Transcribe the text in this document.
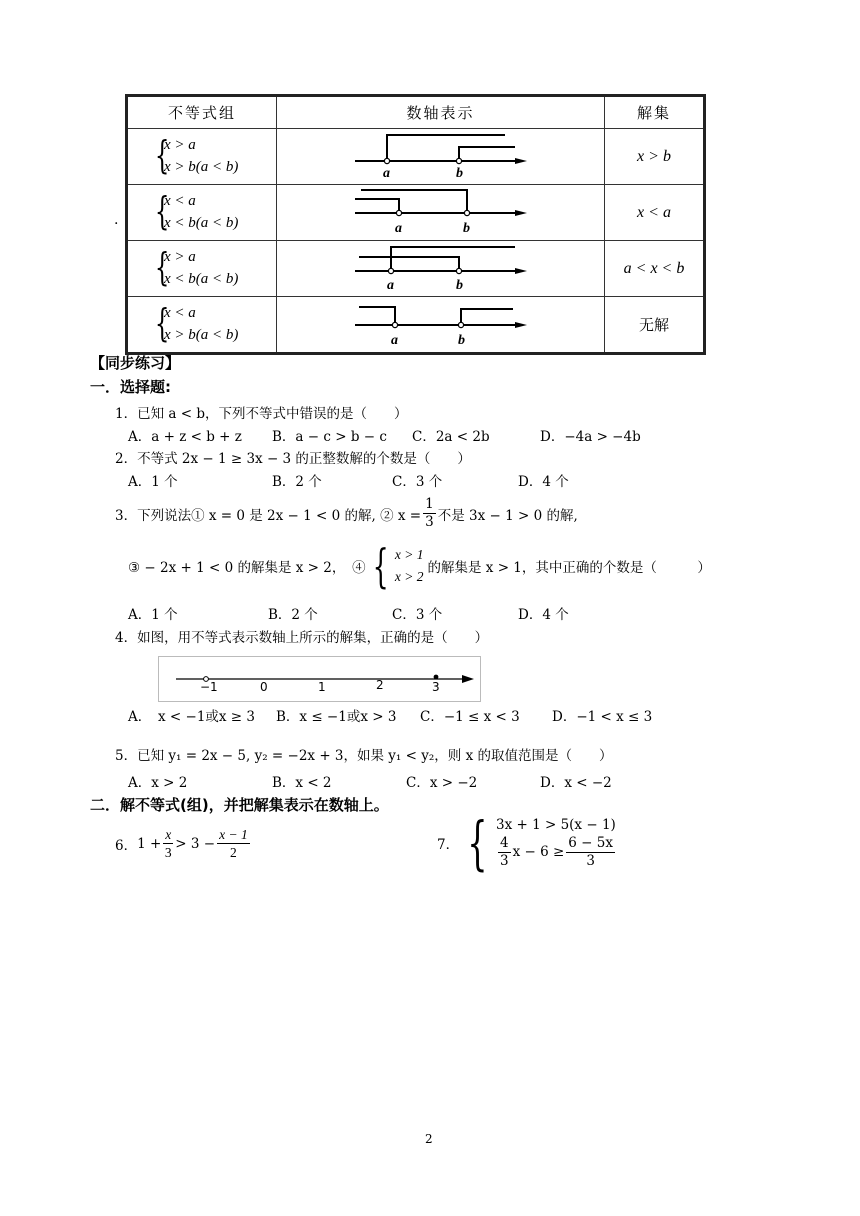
.
不等式组	数轴表示	解集

{
x > a
x > b(a < b)	a b	x > b

{
x < a
x < b(a < b)	a b	x < a

{
x > a
x < b(a < b)	a b	a < x < b

{
x < a
x > b(a < b)	a b	无解
【同步练习】
一．选择题:
1．已知 a < b，下列不等式中错误的是（　　）
A．a + z < b + z B．a − c > b − c C．2a < 2b	D．−4a > −4b
2．不等式 2x − 1 ≥ 3x − 3 的正整数解的个数是（　　）
A．1 个	B．2 个	C．3 个	D．4 个
3．下列说法① x = 0 是 2x − 1 < 0 的解, ② $x = \frac{1}{3}$ 不是 3x − 1 > 0 的解,
③ − 2x + 1 < 0 的解集是 x > 2，　④ { x > 1
x > 2
的解集是 x > 1，其中正确的个数是（　　　）
A．1 个	B．2 个	C．3 个	D．4 个
4．如图，用不等式表示数轴上所示的解集，正确的是（　　）
−1	0	1	2	3
A．　x < −1或x ≥ 3 B．x ≤ −1或x > 3 C．−1 ≤ x < 3 D．−1 < x ≤ 3
5．已知 y₁ = 2x − 5, y₂ = −2x + 3，如果 y₁ < y₂，则 x 的取值范围是（　　）
A．x > 2	B．x < 2	C．x > −2	D．x < −2
二．解不等式(组)，并把解集表示在数轴上。
6． $1 + \frac{x}{3} > 3 - \frac{x - 1}{2}$	7． { 3x + 1 > 5(x − 1)
$\frac{4}{3}$ $x - 6 \ge \frac{6 - 5x}{3}$
2
